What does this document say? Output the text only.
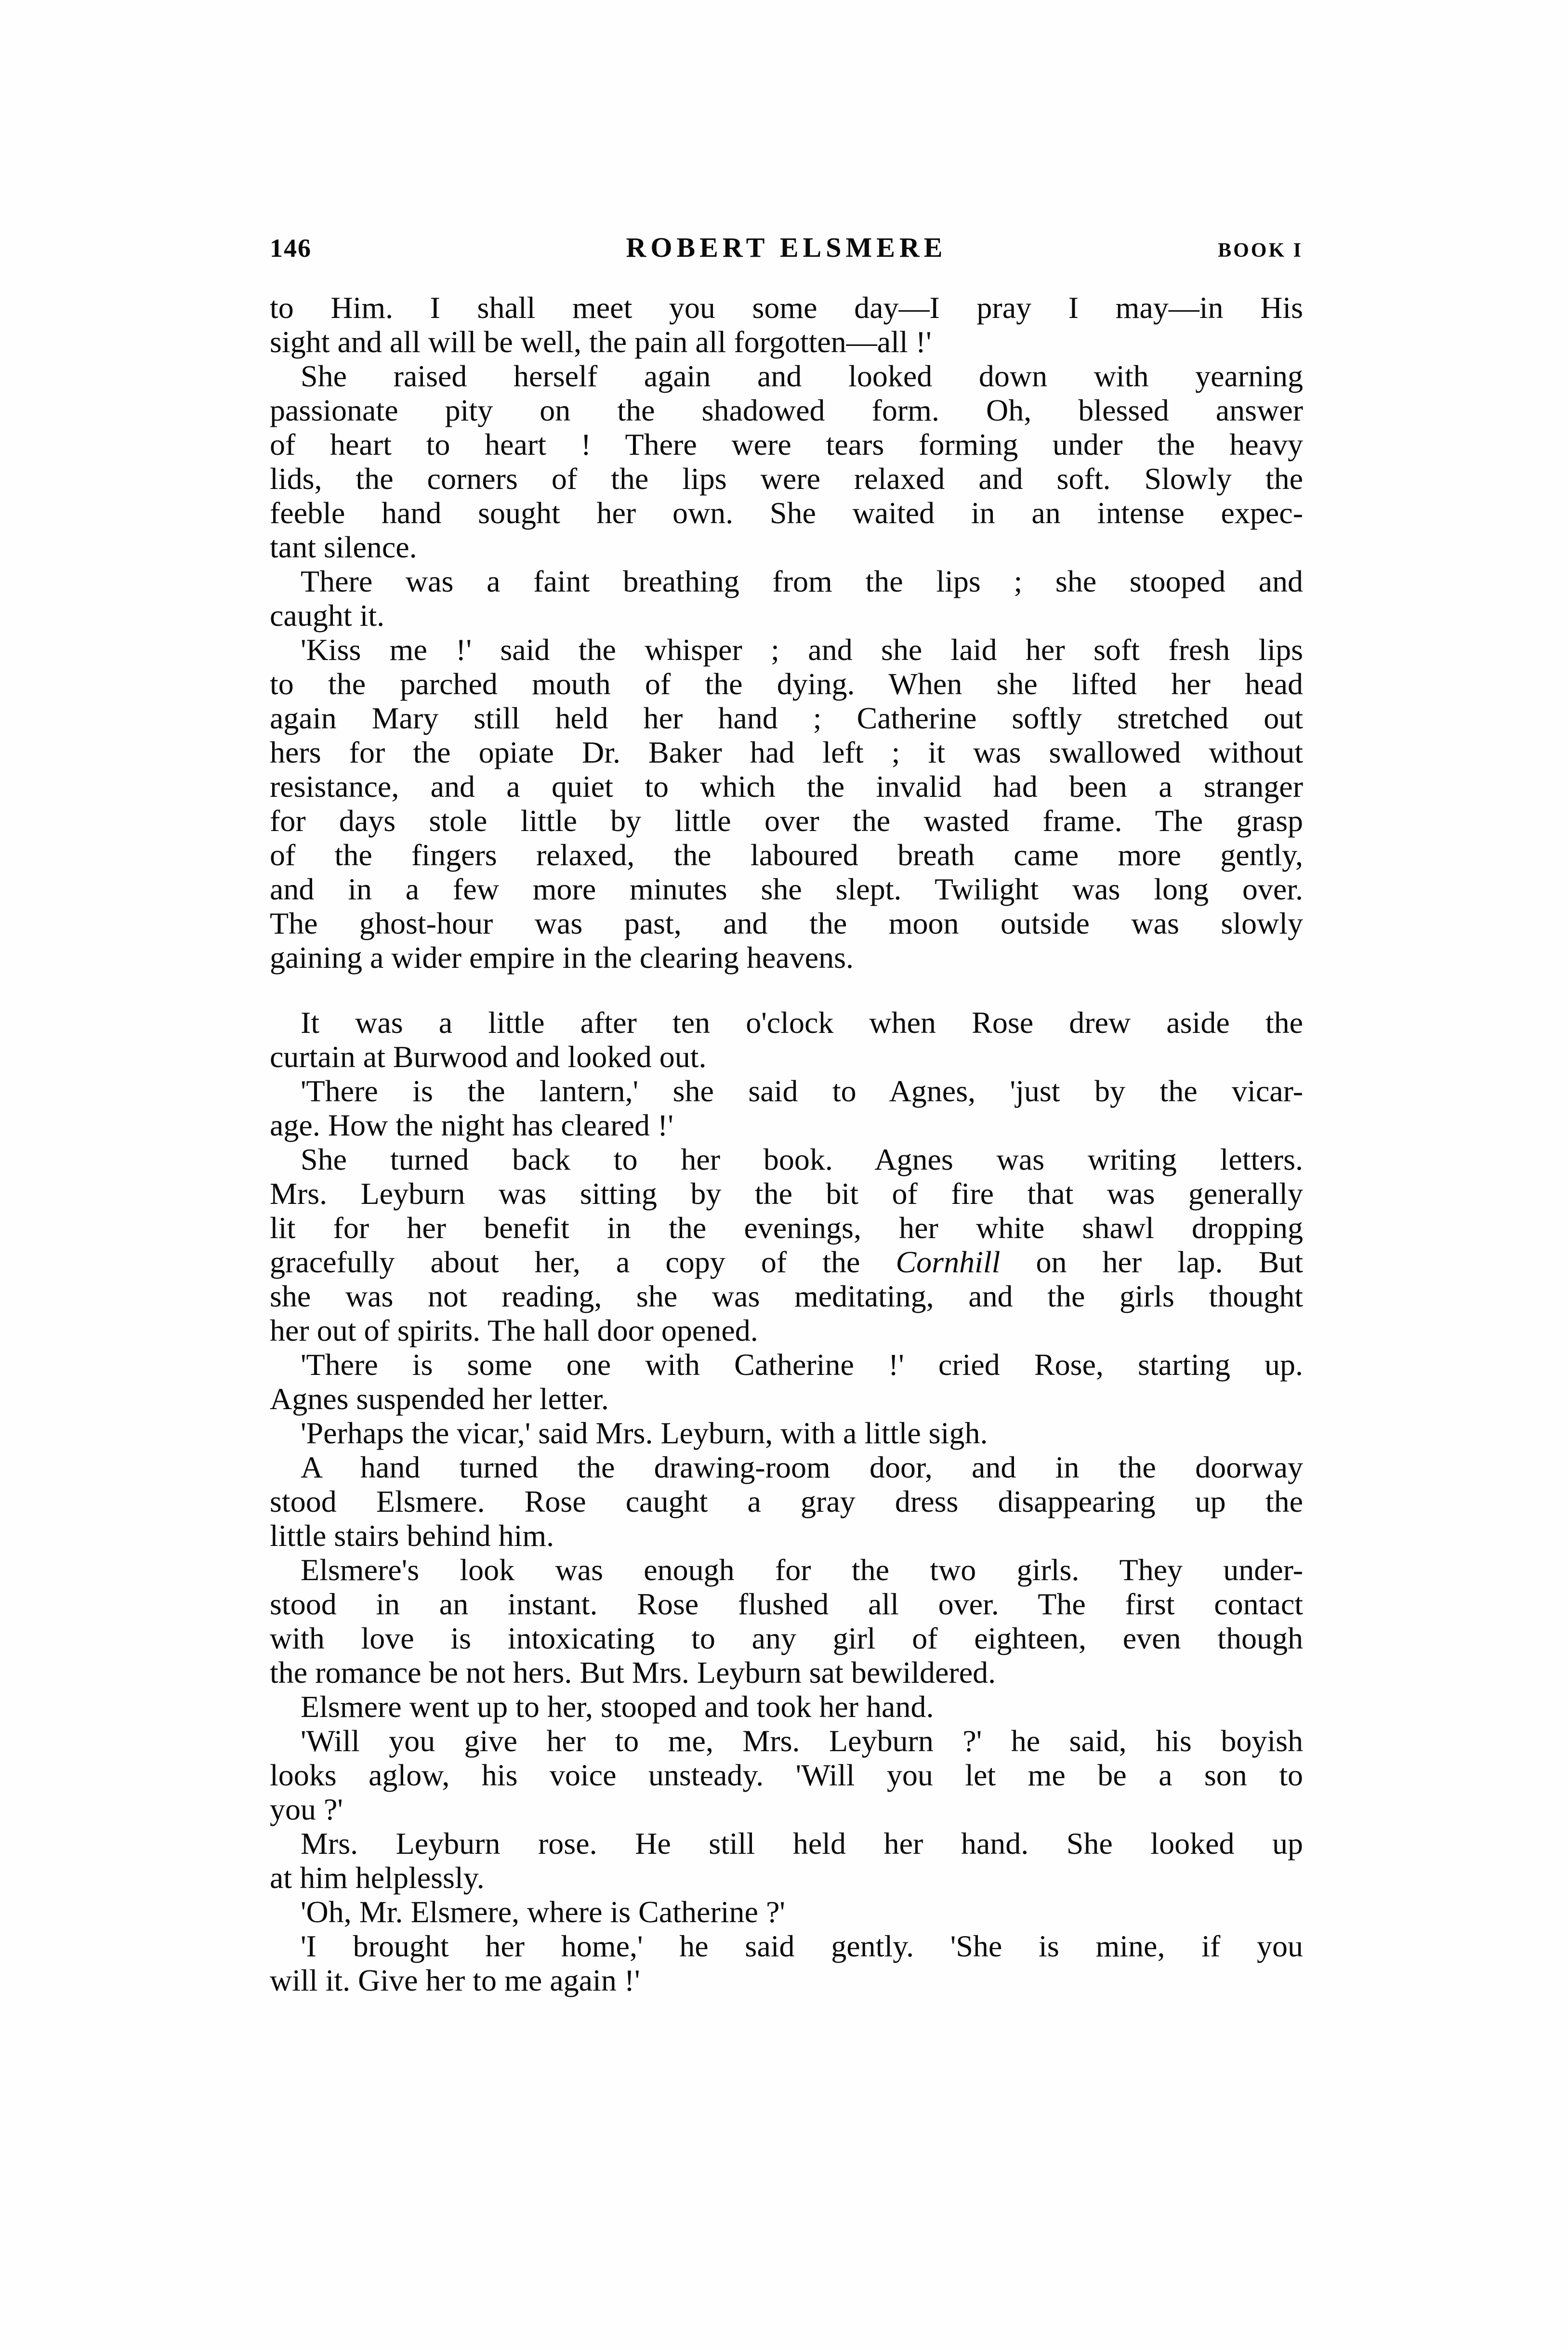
146	ROBERT ELSMERE	BOOK I
to Him. I shall meet you some day—I pray I may—in His
sight and all will be well, the pain all forgotten—all !'
She raised herself again and looked down with yearning
passionate pity on the shadowed form. Oh, blessed answer
of heart to heart ! There were tears forming under the heavy
lids, the corners of the lips were relaxed and soft. Slowly the
feeble hand sought her own. She waited in an intense expec-
tant silence.
There was a faint breathing from the lips ; she stooped and
caught it.
'Kiss me !' said the whisper ; and she laid her soft fresh lips
to the parched mouth of the dying. When she lifted her head
again Mary still held her hand ; Catherine softly stretched out
hers for the opiate Dr. Baker had left ; it was swallowed without
resistance, and a quiet to which the invalid had been a stranger
for days stole little by little over the wasted frame. The grasp
of the fingers relaxed, the laboured breath came more gently,
and in a few more minutes she slept. Twilight was long over.
The ghost-hour was past, and the moon outside was slowly
gaining a wider empire in the clearing heavens.
It was a little after ten o'clock when Rose drew aside the
curtain at Burwood and looked out.
'There is the lantern,' she said to Agnes, 'just by the vicar-
age. How the night has cleared !'
She turned back to her book. Agnes was writing letters.
Mrs. Leyburn was sitting by the bit of fire that was generally
lit for her benefit in the evenings, her white shawl dropping
gracefully about her, a copy of the Cornhill on her lap. But
she was not reading, she was meditating, and the girls thought
her out of spirits. The hall door opened.
'There is some one with Catherine !' cried Rose, starting up.
Agnes suspended her letter.
'Perhaps the vicar,' said Mrs. Leyburn, with a little sigh.
A hand turned the drawing-room door, and in the doorway
stood Elsmere. Rose caught a gray dress disappearing up the
little stairs behind him.
Elsmere's look was enough for the two girls. They under-
stood in an instant. Rose flushed all over. The first contact
with love is intoxicating to any girl of eighteen, even though
the romance be not hers. But Mrs. Leyburn sat bewildered.
Elsmere went up to her, stooped and took her hand.
'Will you give her to me, Mrs. Leyburn ?' he said, his boyish
looks aglow, his voice unsteady. 'Will you let me be a son to
you ?'
Mrs. Leyburn rose. He still held her hand. She looked up
at him helplessly.
'Oh, Mr. Elsmere, where is Catherine ?'
'I brought her home,' he said gently. 'She is mine, if you
will it. Give her to me again !'
